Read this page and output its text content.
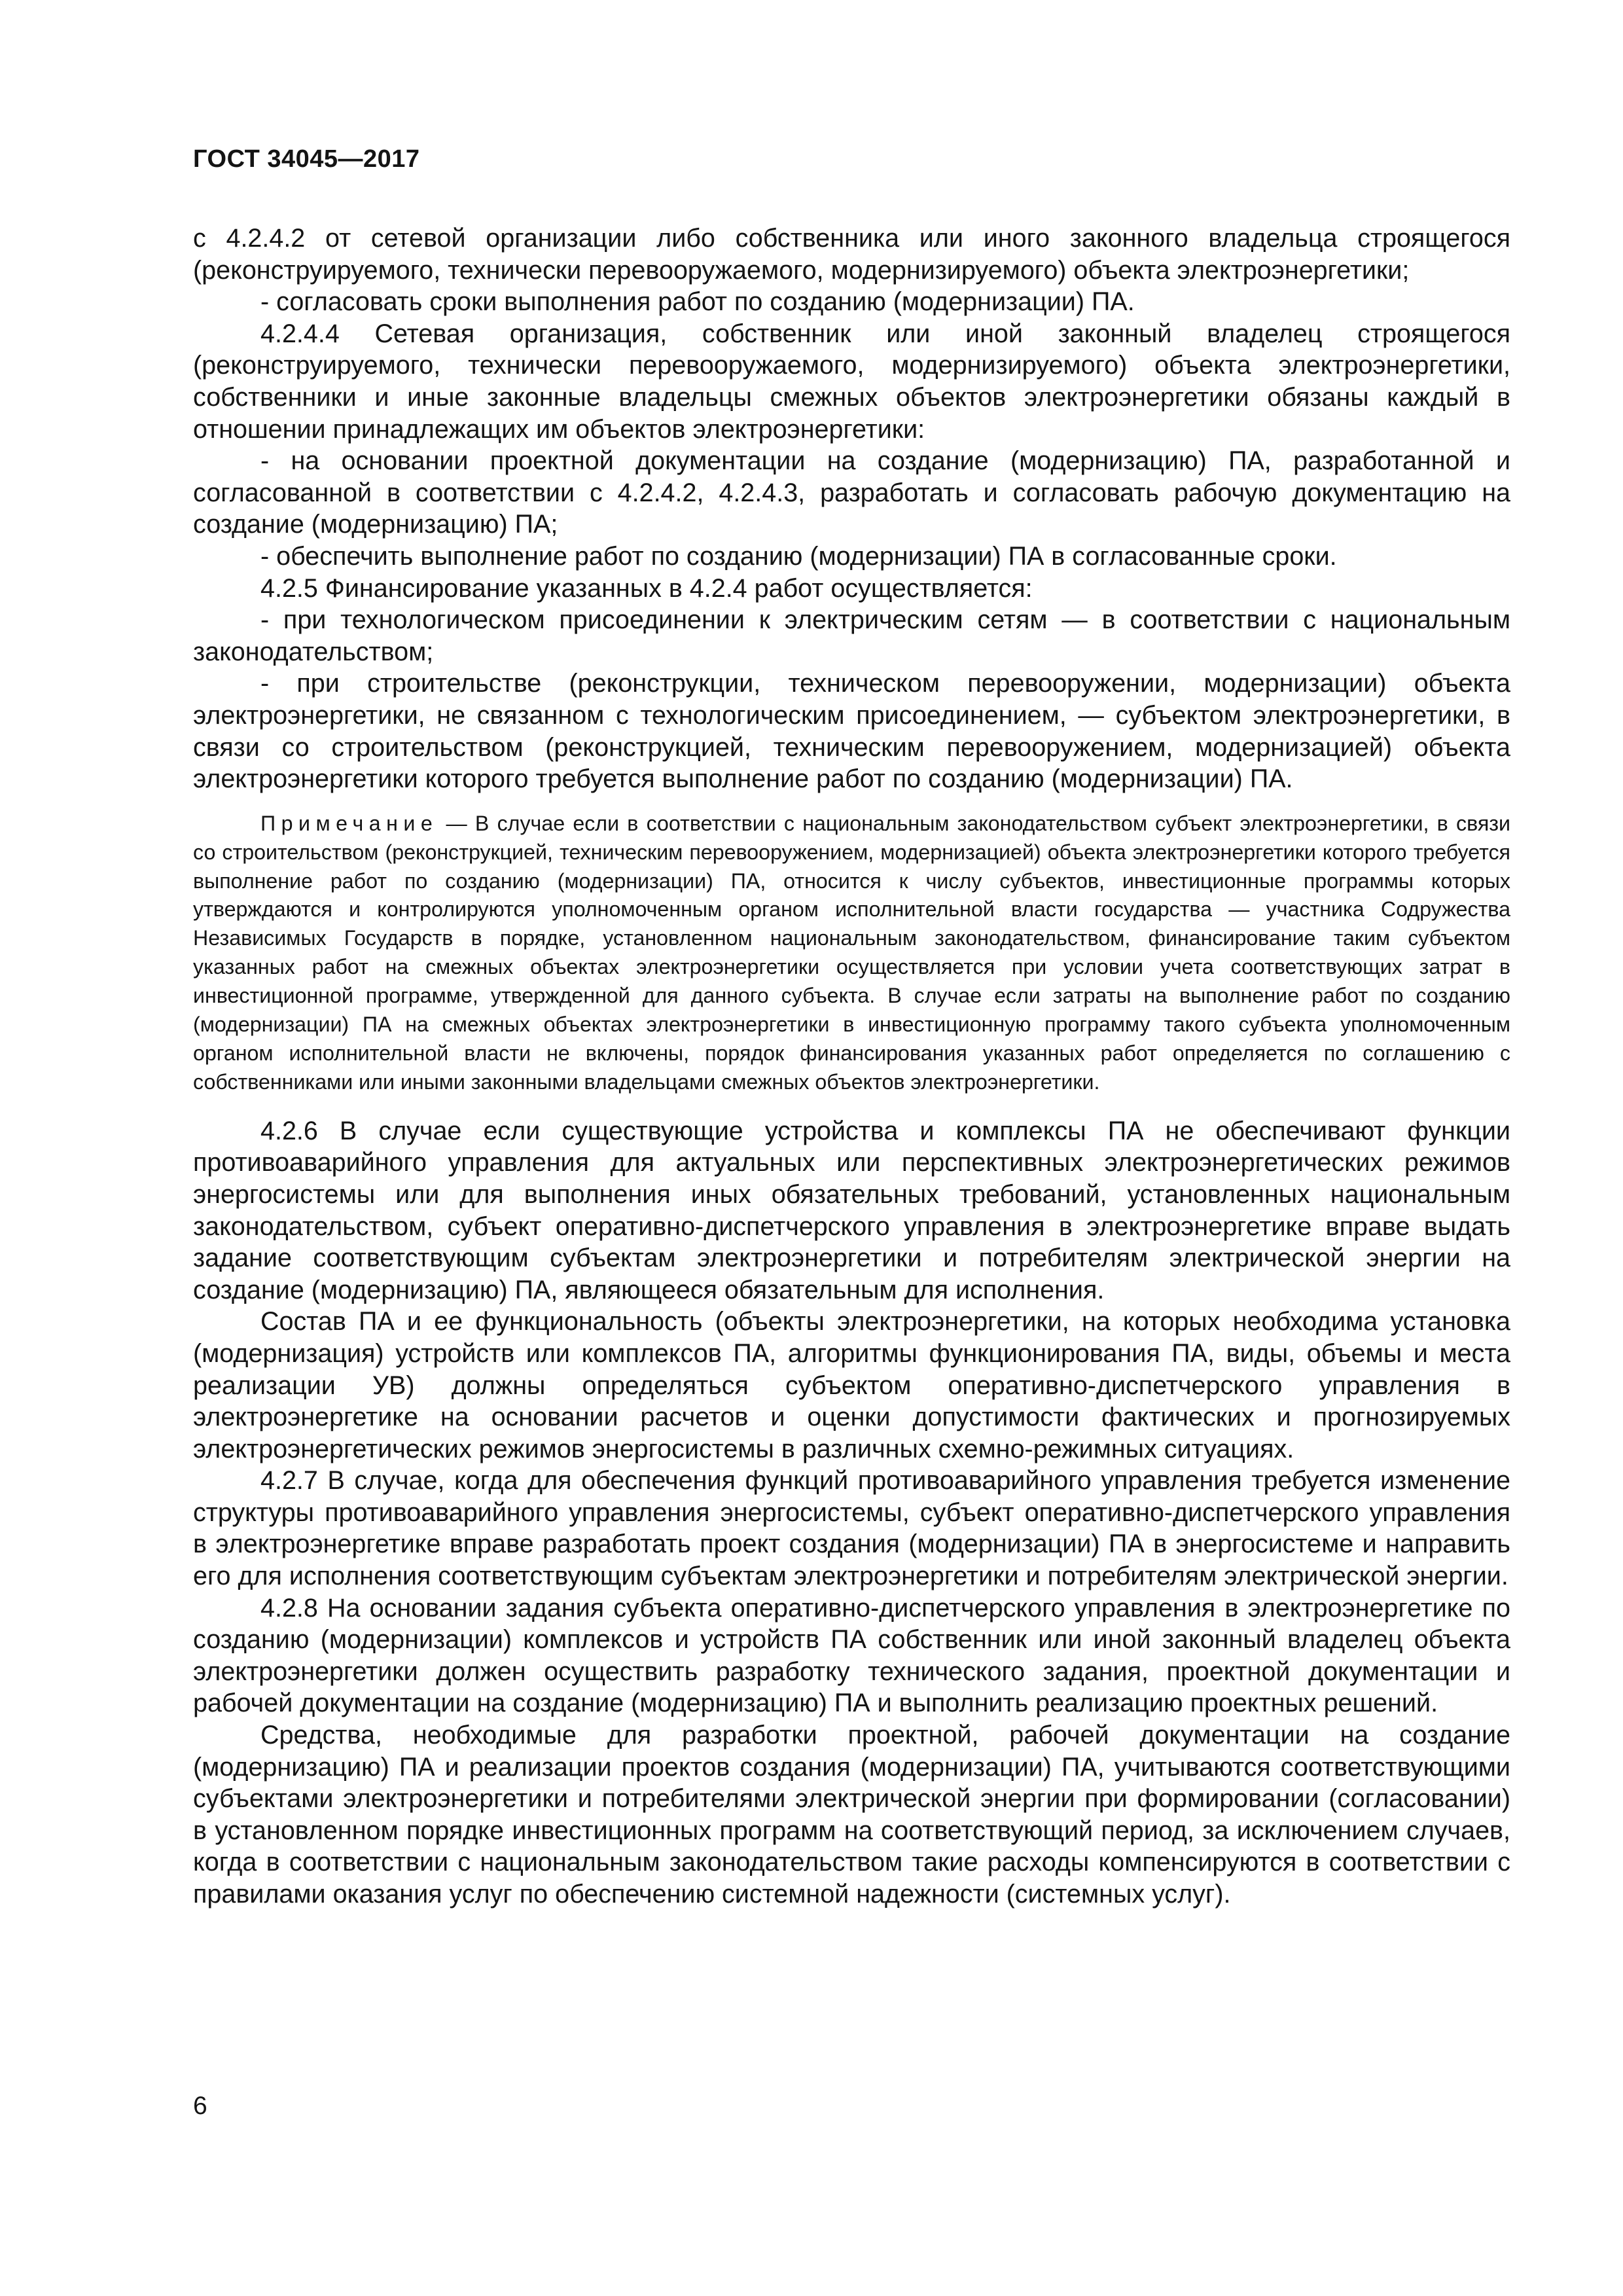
ГОСТ 34045—2017

с 4.2.4.2 от сетевой организации либо собственника или иного законного владельца строящегося (реконструируемого, технически перевооружаемого, модернизируемого) объекта электроэнергетики;

- согласовать сроки выполнения работ по созданию (модернизации) ПА.

4.2.4.4 Сетевая организация, собственник или иной законный владелец строящегося (реконструируемого, технически перевооружаемого, модернизируемого) объекта электроэнергетики, собственники и иные законные владельцы смежных объектов электроэнергетики обязаны каждый в отношении принадлежащих им объектов электроэнергетики:

- на основании проектной документации на создание (модернизацию) ПА, разработанной и согласованной в соответствии с 4.2.4.2, 4.2.4.3, разработать и согласовать рабочую документацию на создание (модернизацию) ПА;

- обеспечить выполнение работ по созданию (модернизации) ПА в согласованные сроки.

4.2.5 Финансирование указанных в 4.2.4 работ осуществляется:

- при технологическом присоединении к электрическим сетям — в соответствии с национальным законодательством;

- при строительстве (реконструкции, техническом перевооружении, модернизации) объекта электроэнергетики, не связанном с технологическим присоединением, — субъектом электроэнергетики, в связи со строительством (реконструкцией, техническим перевооружением, модернизацией) объекта электроэнергетики которого требуется выполнение работ по созданию (модернизации) ПА.

Примечание — В случае если в соответствии с национальным законодательством субъект электроэнергетики, в связи со строительством (реконструкцией, техническим перевооружением, модернизацией) объекта электроэнергетики которого требуется выполнение работ по созданию (модернизации) ПА, относится к числу субъектов, инвестиционные программы которых утверждаются и контролируются уполномоченным органом исполнительной власти государства — участника Содружества Независимых Государств в порядке, установленном национальным законодательством, финансирование таким субъектом указанных работ на смежных объектах электроэнергетики осуществляется при условии учета соответствующих затрат в инвестиционной программе, утвержденной для данного субъекта. В случае если затраты на выполнение работ по созданию (модернизации) ПА на смежных объектах электроэнергетики в инвестиционную программу такого субъекта уполномоченным органом исполнительной власти не включены, порядок финансирования указанных работ определяется по соглашению с собственниками или иными законными владельцами смежных объектов электроэнергетики.

4.2.6 В случае если существующие устройства и комплексы ПА не обеспечивают функции противоаварийного управления для актуальных или перспективных электроэнергетических режимов энергосистемы или для выполнения иных обязательных требований, установленных национальным законодательством, субъект оперативно-диспетчерского управления в электроэнергетике вправе выдать задание соответствующим субъектам электроэнергетики и потребителям электрической энергии на создание (модернизацию) ПА, являющееся обязательным для исполнения.

Состав ПА и ее функциональность (объекты электроэнергетики, на которых необходима установка (модернизация) устройств или комплексов ПА, алгоритмы функционирования ПА, виды, объемы и места реализации УВ) должны определяться субъектом оперативно-диспетчерского управления в электроэнергетике на основании расчетов и оценки допустимости фактических и прогнозируемых электроэнергетических режимов энергосистемы в различных схемно-режимных ситуациях.

4.2.7 В случае, когда для обеспечения функций противоаварийного управления требуется изменение структуры противоаварийного управления энергосистемы, субъект оперативно-диспетчерского управления в электроэнергетике вправе разработать проект создания (модернизации) ПА в энергосистеме и направить его для исполнения соответствующим субъектам электроэнергетики и потребителям электрической энергии.

4.2.8 На основании задания субъекта оперативно-диспетчерского управления в электроэнергетике по созданию (модернизации) комплексов и устройств ПА собственник или иной законный владелец объекта электроэнергетики должен осуществить разработку технического задания, проектной документации и рабочей документации на создание (модернизацию) ПА и выполнить реализацию проектных решений.

Средства, необходимые для разработки проектной, рабочей документации на создание (модернизацию) ПА и реализации проектов создания (модернизации) ПА, учитываются соответствующими субъектами электроэнергетики и потребителями электрической энергии при формировании (согласовании) в установленном порядке инвестиционных программ на соответствующий период, за исключением случаев, когда в соответствии с национальным законодательством такие расходы компенсируются в соответствии с правилами оказания услуг по обеспечению системной надежности (системных услуг).

6
